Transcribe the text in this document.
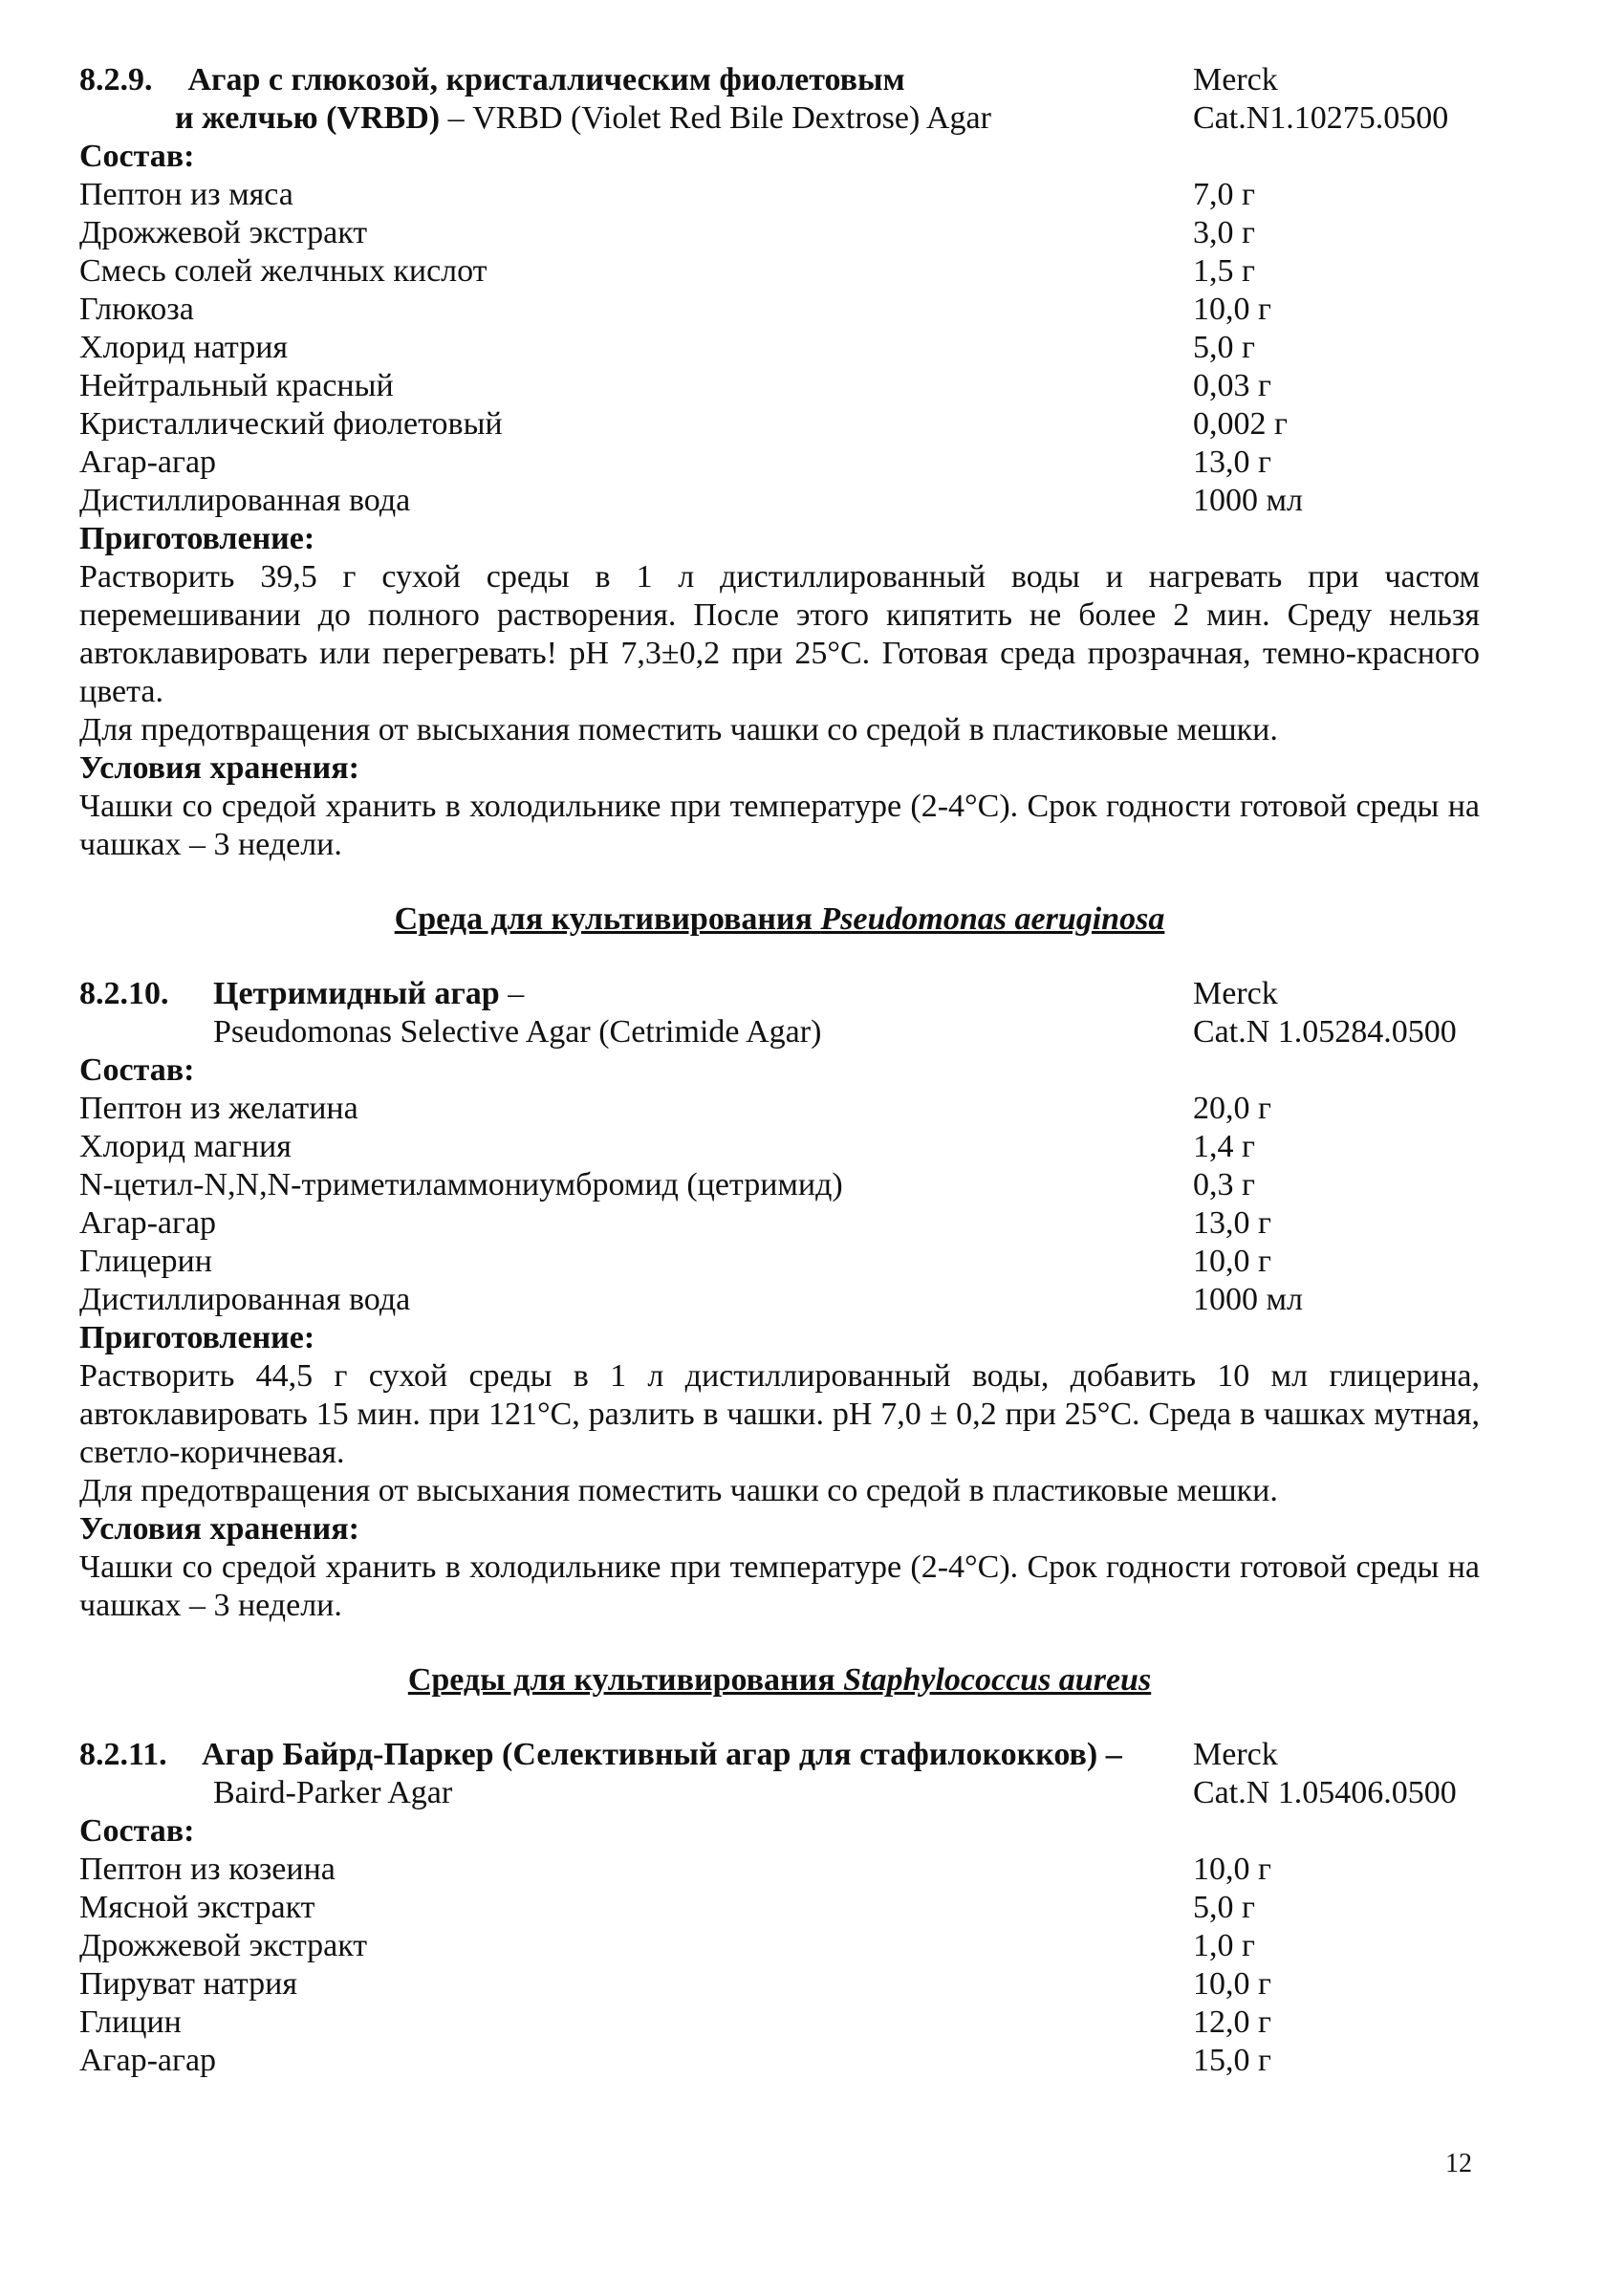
8.2.9. Агар с глюкозой, кристаллическим фиолетовым	Merck
и желчью (VRBD) – VRBD (Violet Red Bile Dextrose) Agar	Cat.N1.10275.0500
Состав:
Пептон из мяса	7,0 г
Дрожжевой экстракт	3,0 г
Смесь солей желчных кислот	1,5 г
Глюкоза	10,0 г
Хлорид натрия	5,0 г
Нейтральный красный	0,03 г
Кристаллический фиолетовый	0,002 г
Агар-агар	13,0 г
Дистиллированная вода	1000 мл
Приготовление:
Растворить 39,5 г сухой среды в 1 л дистиллированный воды и нагревать при частом перемешивании до полного растворения. После этого кипятить не более 2 мин. Среду нельзя автоклавировать или перегревать! pH 7,3±0,2 при 25°С. Готовая среда прозрачная, темно-красного цвета.
Для предотвращения от высыхания поместить чашки со средой в пластиковые мешки.
Условия хранения:
Чашки со средой хранить в холодильнике при температуре (2-4°С). Срок годности готовой среды на чашках – 3 недели.
Среда для культивирования Pseudomonas aeruginosa
8.2.10. Цетримидный агар –	Merck
Pseudomonas Selective Agar (Cetrimide Agar)	Cat.N 1.05284.0500
Состав:
Пептон из желатина	20,0 г
Хлорид магния	1,4 г
N-цетил-N,N,N-триметиламмониумбромид (цетримид)	0,3 г
Агар-агар	13,0 г
Глицерин	10,0 г
Дистиллированная вода	1000 мл
Приготовление:
Растворить 44,5 г сухой среды в 1 л дистиллированный воды, добавить 10 мл глицерина, автоклавировать 15 мин. при 121°С, разлить в чашки. pH 7,0 ± 0,2 при 25°С. Среда в чашках мутная, светло-коричневая.
Для предотвращения от высыхания поместить чашки со средой в пластиковые мешки.
Условия хранения:
Чашки со средой хранить в холодильнике при температуре (2-4°С). Срок годности готовой среды на чашках – 3 недели.
Среды для культивирования Staphylococcus aureus
8.2.11. Агар Байрд-Паркер (Селективный агар для стафилококков) –	Merck
Baird-Parker Agar	Cat.N 1.05406.0500
Состав:
Пептон из козеина	10,0 г
Мясной экстракт	5,0 г
Дрожжевой экстракт	1,0 г
Пируват натрия	10,0 г
Глицин	12,0 г
Агар-агар	15,0 г
12
